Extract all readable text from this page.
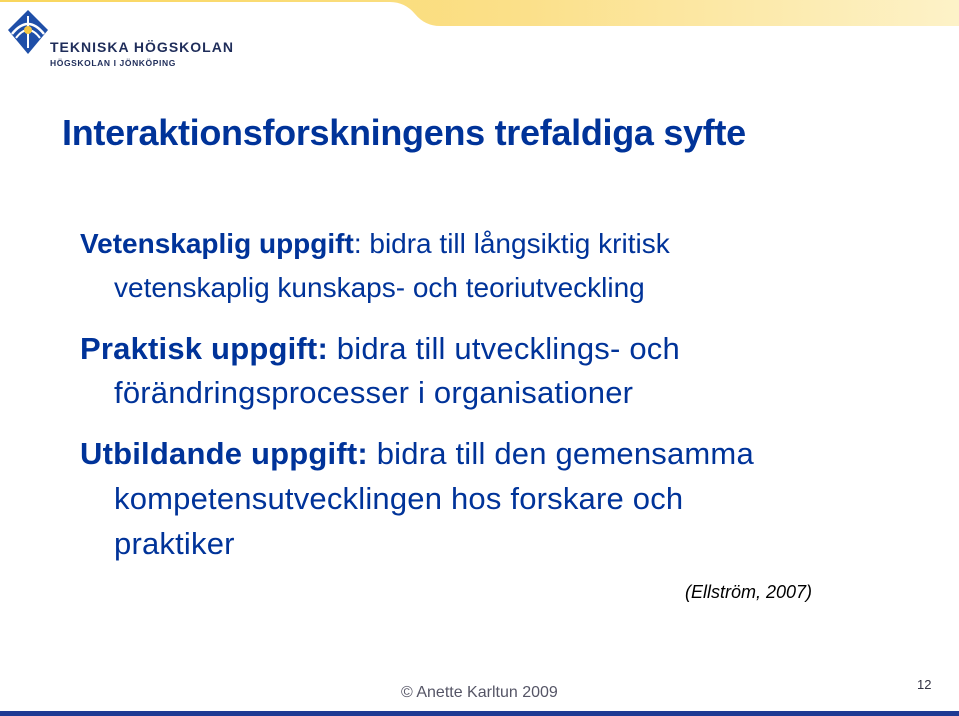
TEKNISKA HÖGSKOLAN
HÖGSKOLAN I JÖNKÖPING
Interaktionsforskningens trefaldiga syfte
Vetenskaplig uppgift: bidra till långsiktig kritisk
vetenskaplig kunskaps- och teoriutveckling
Praktisk uppgift: bidra till utvecklings- och
förändringsprocesser i organisationer
Utbildande uppgift: bidra till den gemensamma
kompetensutvecklingen hos forskare och
praktiker
(Ellström, 2007)
© Anette Karltun 2009	12
